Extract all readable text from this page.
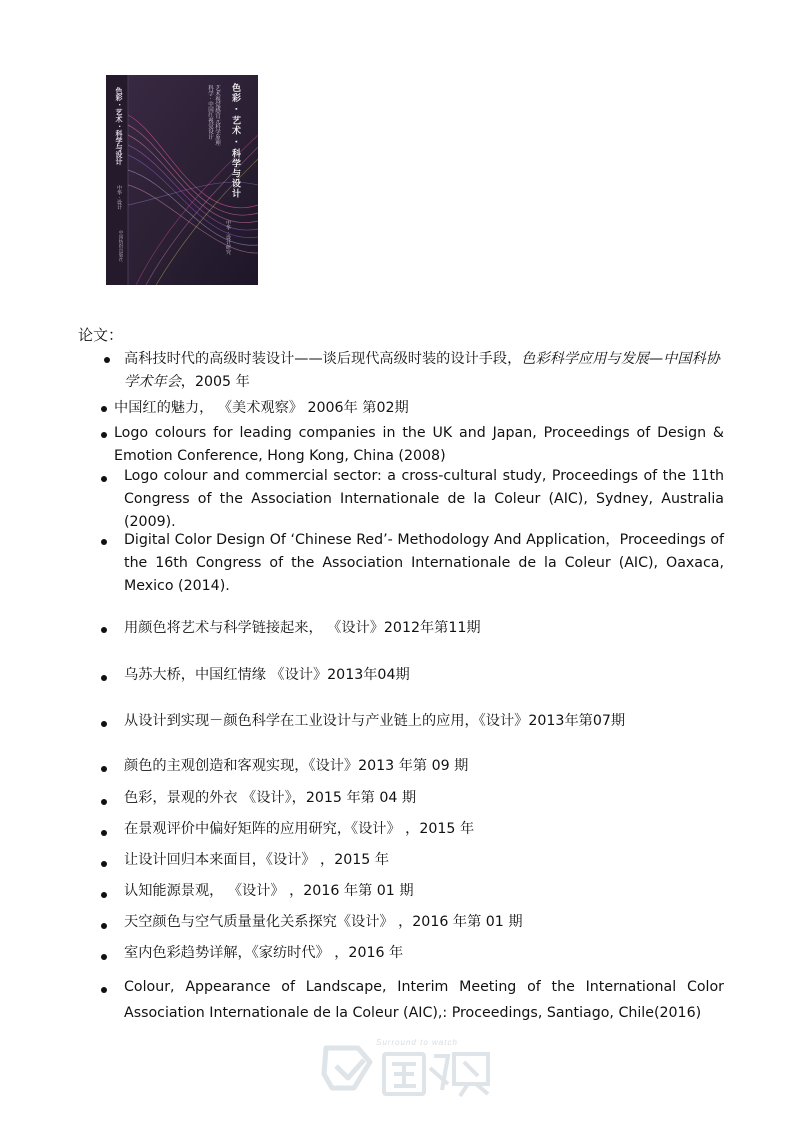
色彩 · 艺术 · 科学与设计
中华 · 设计
中国纺织出版社
色彩 · 艺术 · 科学与设计
艺术视觉感官元科学原理
科学 · 中国红视觉设计
中华 · 设计研究
论文：
高科技时代的高级时装设计——谈后现代高级时装的设计手段，色彩科学应用与发展—中国科协学术年会，2005 年
中国红的魅力， 《美术观察》 2006年 第02期
Logo colours for leading companies in the UK and Japan, Proceedings of Design & Emotion Conference, Hong Kong, China (2008)
Logo colour and commercial sector: a cross-cultural study, Proceedings of the 11th Congress of the Association Internationale de la Coleur (AIC), Sydney, Australia (2009).
Digital Color Design Of ‘Chinese Red’- Methodology And Application，Proceedings of the 16th Congress of the Association Internationale de la Coleur (AIC), Oaxaca, Mexico (2014).
用颜色将艺术与科学链接起来， 《设计》2012年第11期
乌苏大桥，中国红情缘 《设计》2013年04期
从设计到实现－颜色科学在工业设计与产业链上的应用，《设计》2013年第07期
颜色的主观创造和客观实现，《设计》2013 年第 09 期
色彩，景观的外衣 《设计》，2015 年第 04 期
在景观评价中偏好矩阵的应用研究，《设计》 ，2015 年
让设计回归本来面目，《设计》 ，2015 年
认知能源景观， 《设计》 ，2016 年第 01 期
天空颜色与空气质量量化关系探究《设计》 ，2016 年第 01 期
室内色彩趋势详解，《家纺时代》 ，2016 年
Colour, Appearance of Landscape, Interim Meeting of the International Color Association Internationale de la Coleur (AIC),: Proceedings, Santiago, Chile(2016)
Surround to watch
